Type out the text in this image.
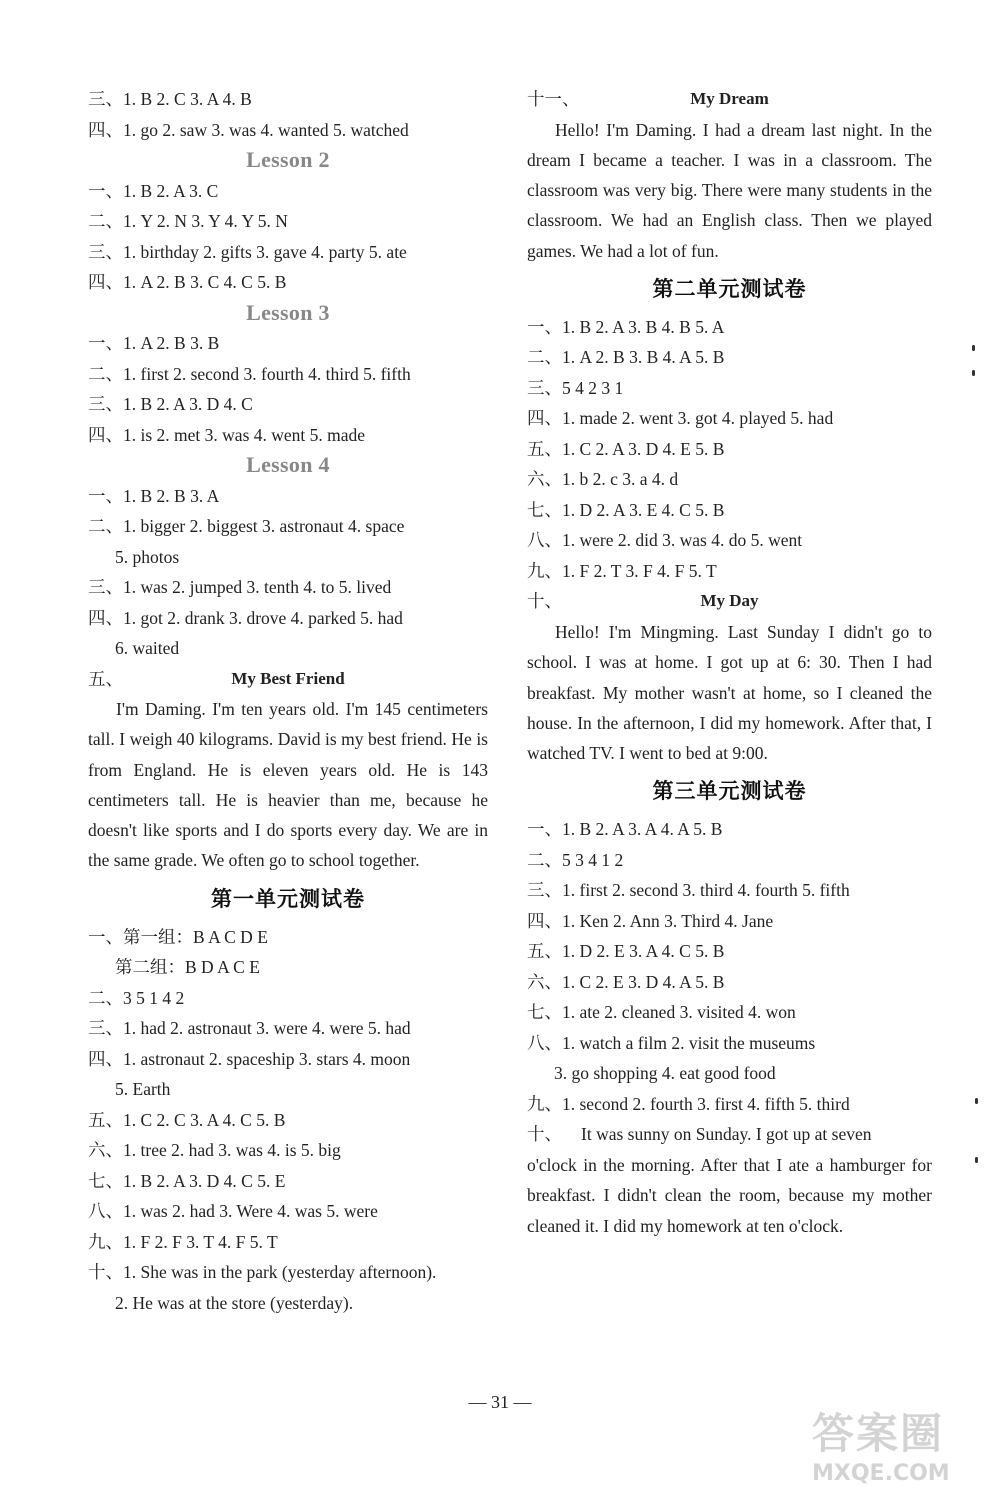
三、1. B 2. C 3. A 4. B
四、1. go 2. saw 3. was 4. wanted 5. watched
Lesson 2
一、1. B 2. A 3. C
二、1. Y 2. N 3. Y 4. Y 5. N
三、1. birthday 2. gifts 3. gave 4. party 5. ate
四、1. A 2. B 3. C 4. C 5. B
Lesson 3
一、1. A 2. B 3. B
二、1. first 2. second 3. fourth 4. third 5. fifth
三、1. B 2. A 3. D 4. C
四、1. is 2. met 3. was 4. went 5. made
Lesson 4
一、1. B 2. B 3. A
二、1. bigger 2. biggest 3. astronaut 4. space
5. photos
三、1. was 2. jumped 3. tenth 4. to 5. lived
四、1. got 2. drank 3. drove 4. parked 5. had
6. waited
五、	My Best Friend
I'm Daming. I'm ten years old. I'm 145 centimeters tall. I weigh 40 kilograms. David is my best friend. He is from England. He is eleven years old. He is 143 centimeters tall. He is heavier than me, because he doesn't like sports and I do sports every day. We are in the same grade. We often go to school together.
第一单元测试卷
一、第一组：B A C D E
第二组：B D A C E
二、3 5 1 4 2
三、1. had 2. astronaut 3. were 4. were 5. had
四、1. astronaut 2. spaceship 3. stars 4. moon
5. Earth
五、1. C 2. C 3. A 4. C 5. B
六、1. tree 2. had 3. was 4. is 5. big
七、1. B 2. A 3. D 4. C 5. E
八、1. was 2. had 3. Were 4. was 5. were
九、1. F 2. F 3. T 4. F 5. T
十、1. She was in the park (yesterday afternoon).
2. He was at the store (yesterday).
十一、	My Dream
Hello! I'm Daming. I had a dream last night. In the dream I became a teacher. I was in a classroom. The classroom was very big. There were many students in the classroom. We had an English class. Then we played games. We had a lot of fun.
第二单元测试卷
一、1. B 2. A 3. B 4. B 5. A
二、1. A 2. B 3. B 4. A 5. B
三、5 4 2 3 1
四、1. made 2. went 3. got 4. played 5. had
五、1. C 2. A 3. D 4. E 5. B
六、1. b 2. c 3. a 4. d
七、1. D 2. A 3. E 4. C 5. B
八、1. were 2. did 3. was 4. do 5. went
九、1. F 2. T 3. F 4. F 5. T
十、	My Day
Hello! I'm Mingming. Last Sunday I didn't go to school. I was at home. I got up at 6: 30. Then I had breakfast. My mother wasn't at home, so I cleaned the house. In the afternoon, I did my homework. After that, I watched TV. I went to bed at 9:00.
第三单元测试卷
一、1. B 2. A 3. A 4. A 5. B
二、5 3 4 1 2
三、1. first 2. second 3. third 4. fourth 5. fifth
四、1. Ken 2. Ann 3. Third 4. Jane
五、1. D 2. E 3. A 4. C 5. B
六、1. C 2. E 3. D 4. A 5. B
七、1. ate 2. cleaned 3. visited 4. won
八、1. watch a film 2. visit the museums
3. go shopping 4. eat good food
九、1. second 2. fourth 3. first 4. fifth 5. third
十、 It was sunny on Sunday. I got up at seven
o'clock in the morning. After that I ate a hamburger for breakfast. I didn't clean the room, because my mother cleaned it. I did my homework at ten o'clock.
— 31 —
答案圈
MXQE.COM
